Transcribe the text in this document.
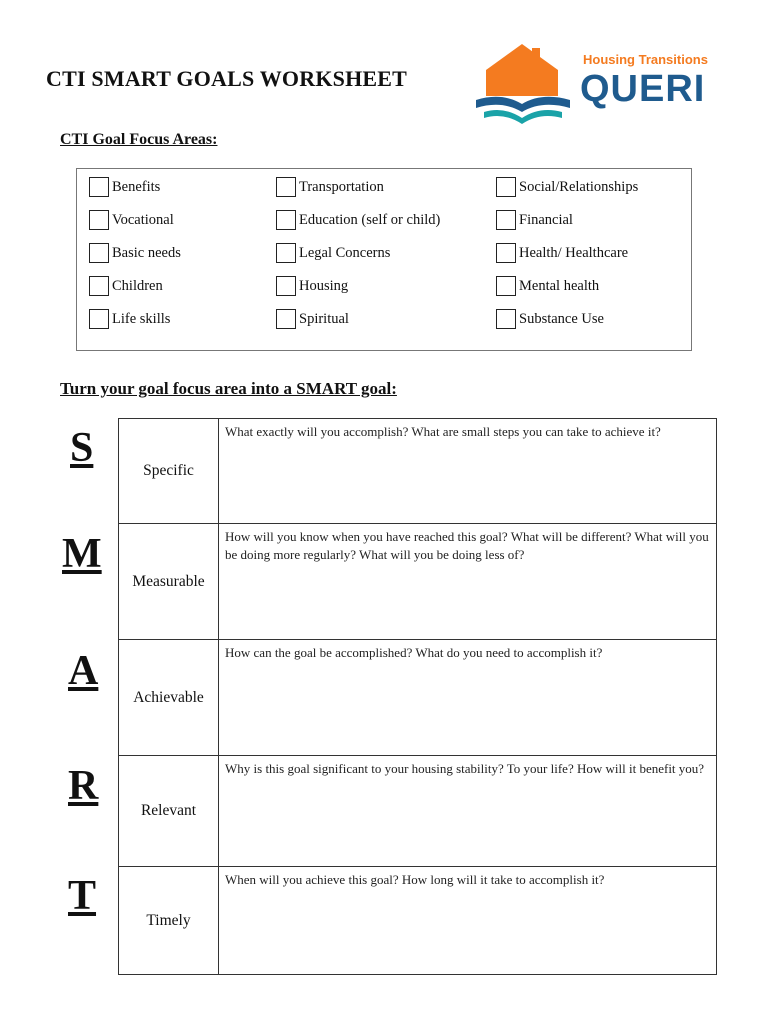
CTI SMART GOALS WORKSHEET
Housing Transitions
QUERI
CTI Goal Focus Areas:
Benefits
Vocational
Basic needs
Children
Life skills
Transportation
Education (self or child)
Legal Concerns
Housing
Spiritual
Social/Relationships
Financial
Health/ Healthcare
Mental health
Substance Use
Turn your goal focus area into a SMART goal:
S
M
A
R
T
Specific
What exactly will you accomplish? What are small steps you can take to achieve it?
Measurable
How will you know when you have reached this goal? What will be different? What will you be doing more regularly? What will you be doing less of?
Achievable
How can the goal be accomplished? What do you need to accomplish it?
Relevant
Why is this goal significant to your housing stability? To your life? How will it benefit you?
Timely
When will you achieve this goal? How long will it take to accomplish it?
